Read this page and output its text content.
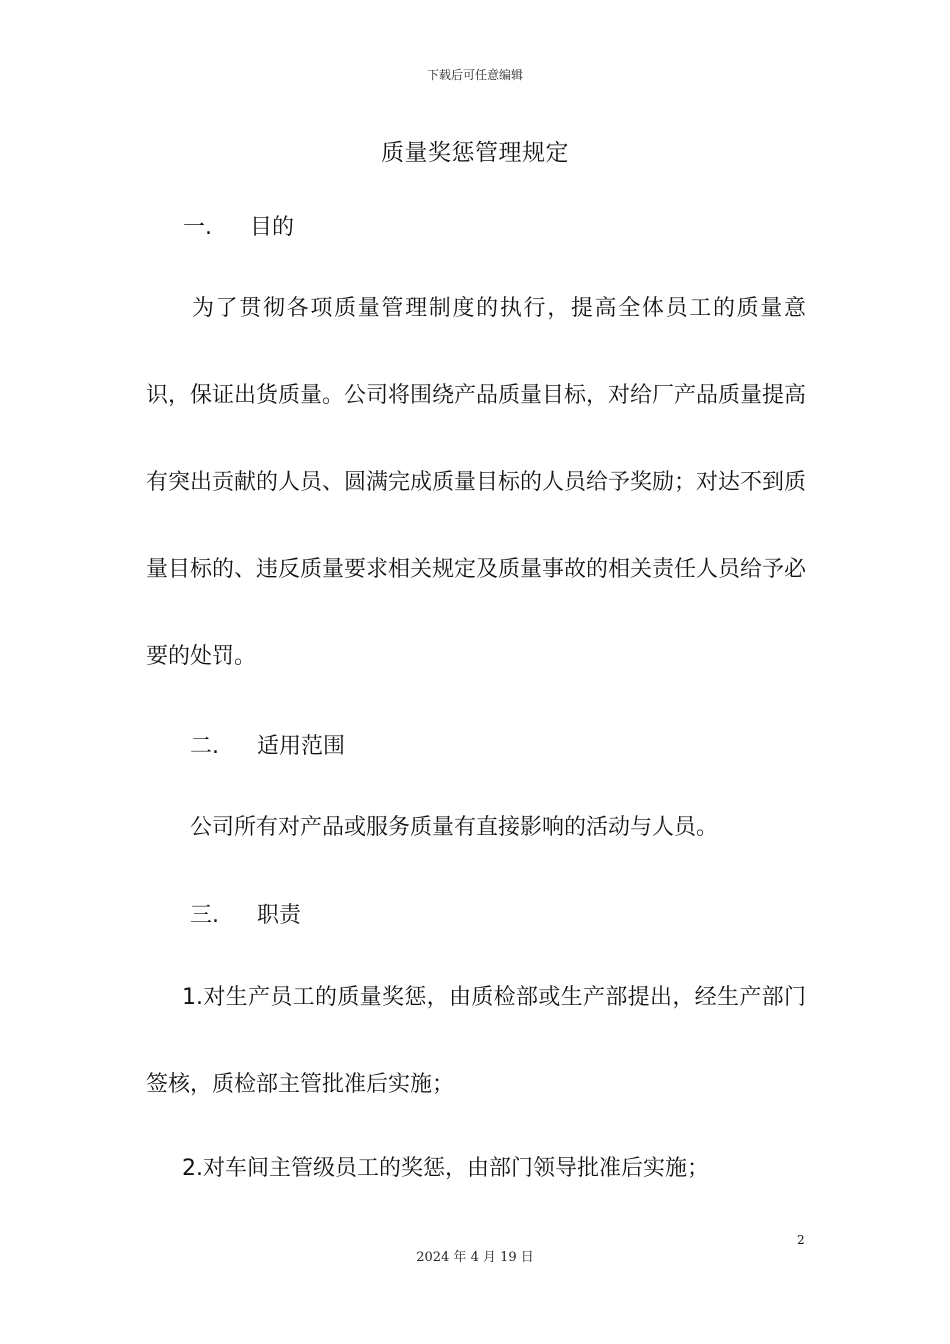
下载后可任意编辑
质量奖惩管理规定
一. 目的

为了贯彻各项质量管理制度的执行，提高全体员工的质量意识，保证出货质量。公司将围绕产品质量目标，对给厂产品质量提高有突出贡献的人员、圆满完成质量目标的人员给予奖励；对达不到质量目标的、违反质量要求相关规定及质量事故的相关责任人员给予必要的处罚。

二. 适用范围

公司所有对产品或服务质量有直接影响的活动与人员。

三. 职责

1.对生产员工的质量奖惩，由质检部或生产部提出，经生产部门签核，质检部主管批准后实施；

2.对车间主管级员工的奖惩，由部门领导批准后实施；

2
2024 年 4 月 19 日
